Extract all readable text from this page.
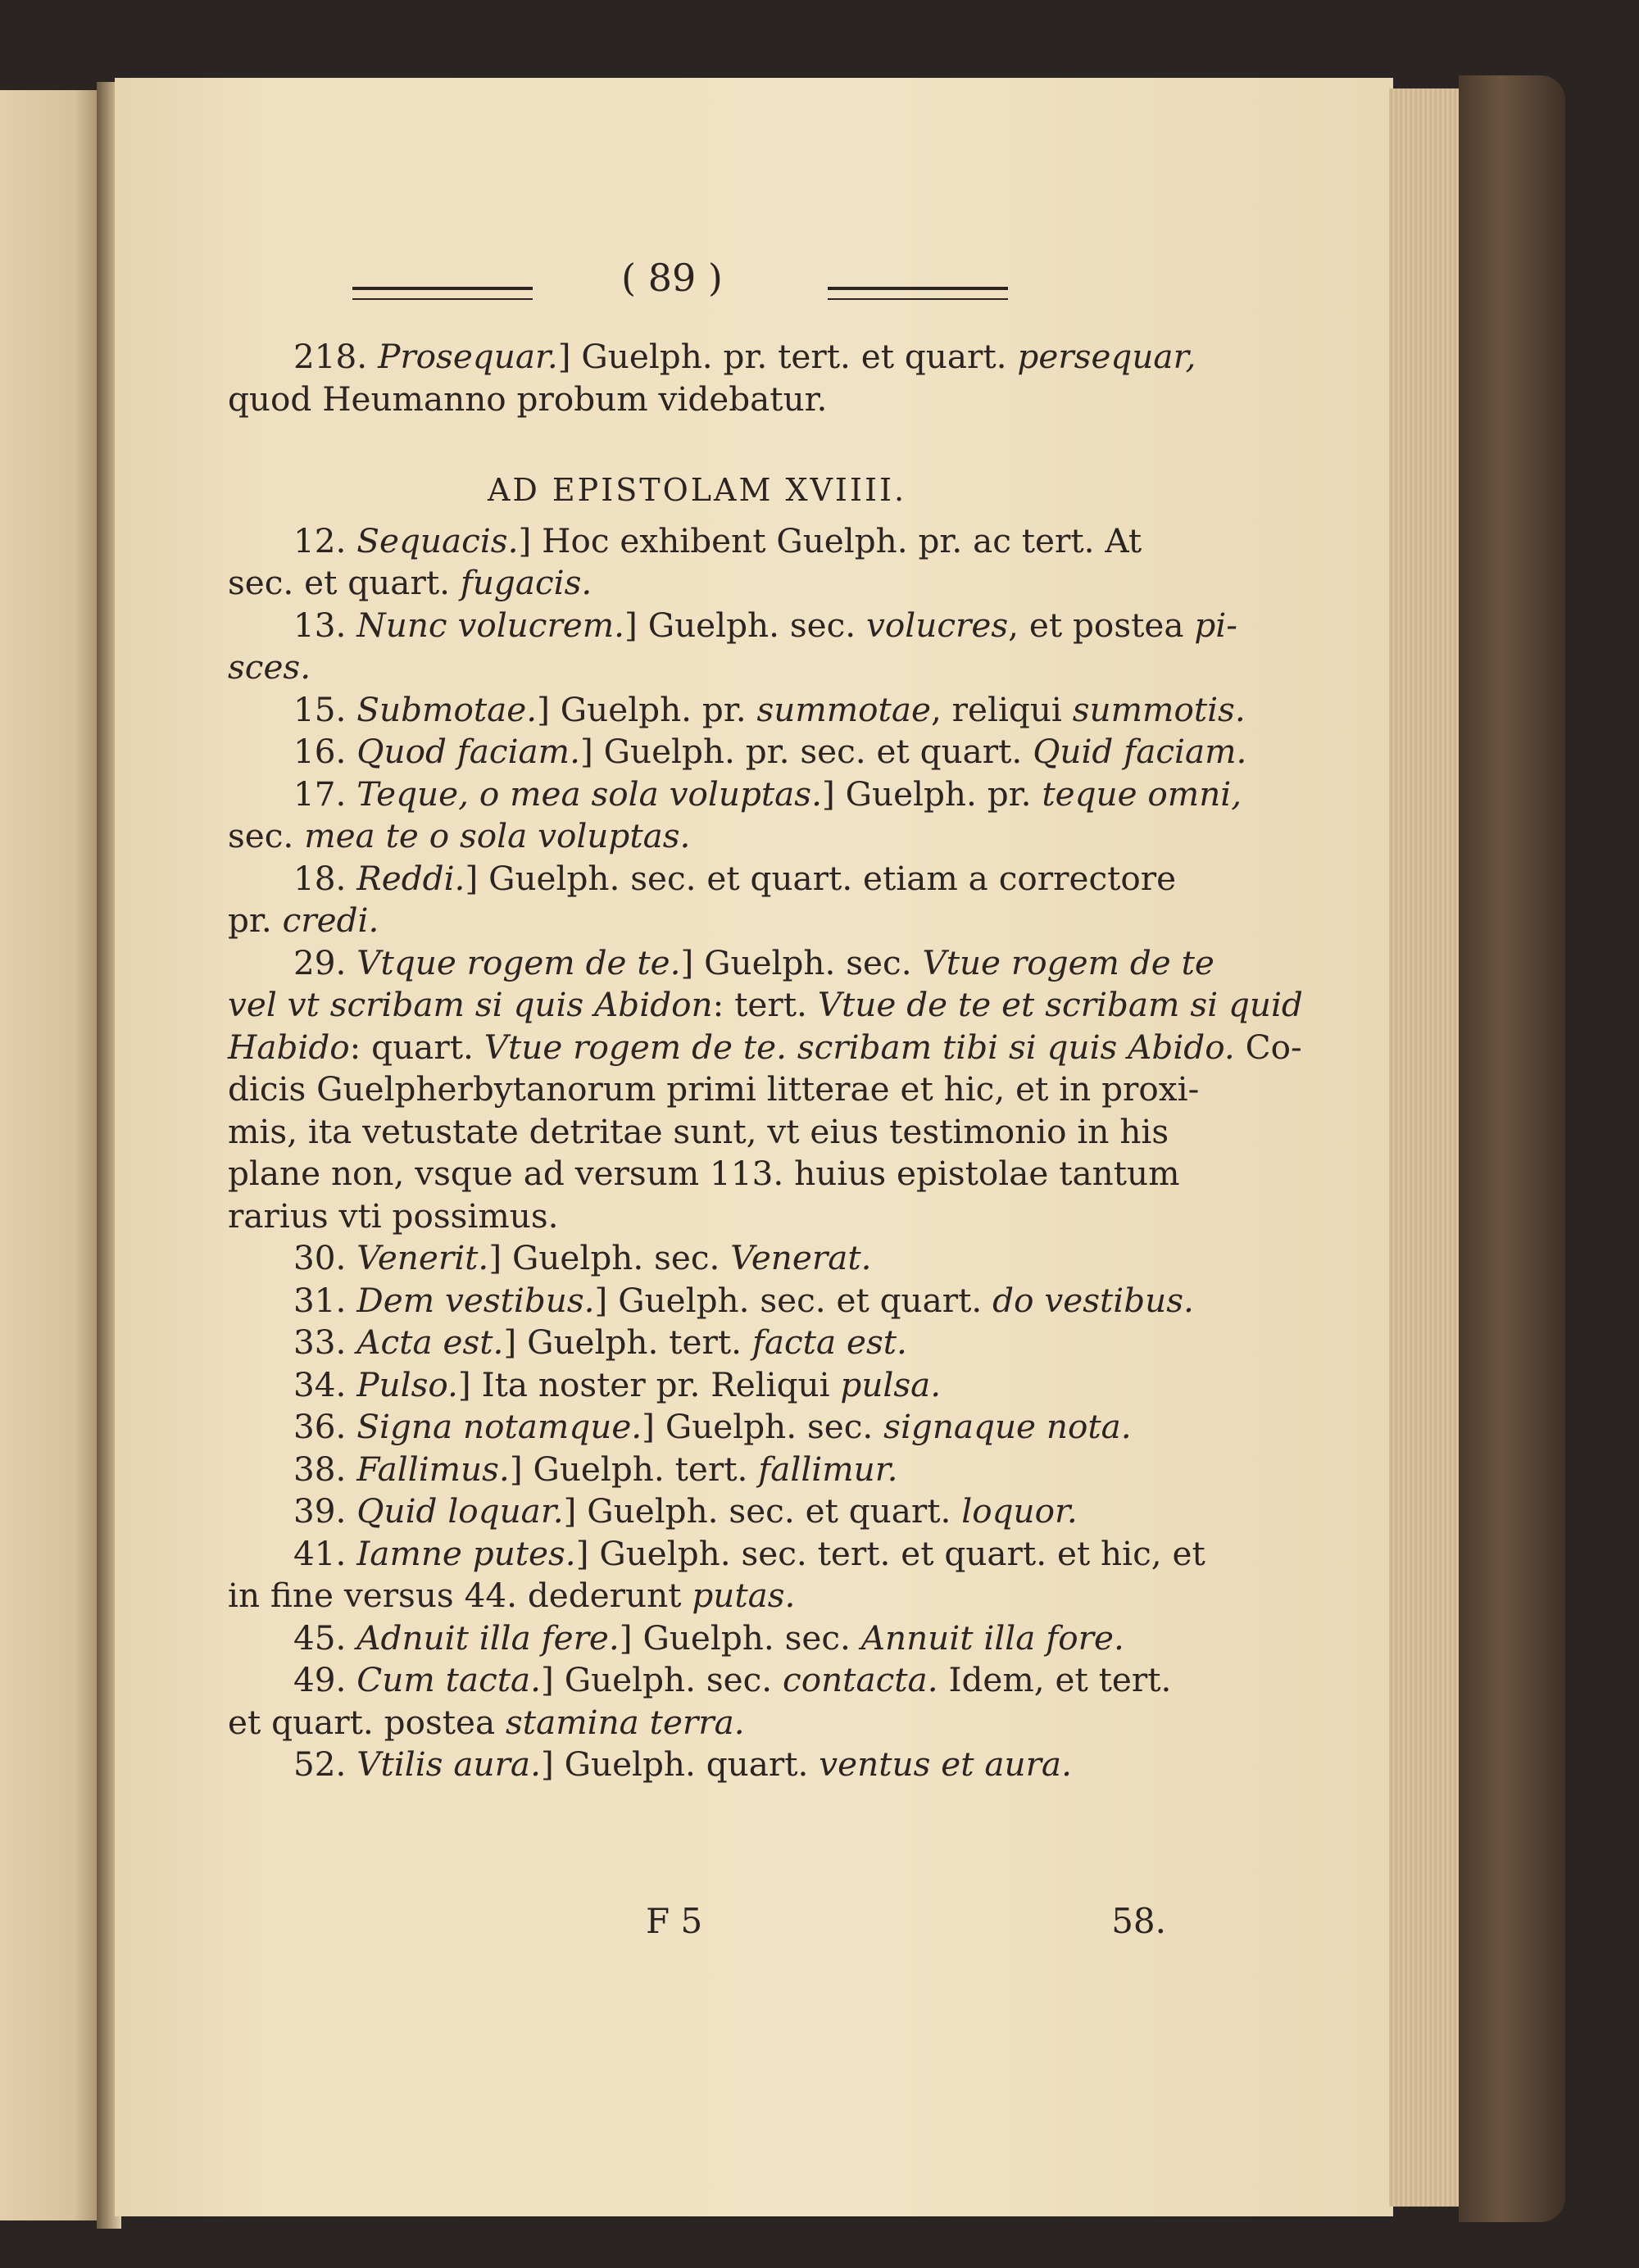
( 89 )
218. Prosequar.] Guelph. pr. tert. et quart. persequar,
quod Heumanno probum videbatur.
AD EPISTOLAM XVIIII.
12. Sequacis.] Hoc exhibent Guelph. pr. ac tert. At
sec. et quart. fugacis.
13. Nunc volucrem.] Guelph. sec. volucres, et postea pi-
sces.
15. Submotae.] Guelph. pr. summotae, reliqui summotis.
16. Quod faciam.] Guelph. pr. sec. et quart. Quid faciam.
17. Teque, o mea sola voluptas.] Guelph. pr. teque omni,
sec. mea te o sola voluptas.
18. Reddi.] Guelph. sec. et quart. etiam a correctore
pr. credi.
29. Vtque rogem de te.] Guelph. sec. Vtue rogem de te
vel vt scribam si quis Abidon: tert. Vtue de te et scribam si quid
Habido: quart. Vtue rogem de te. scribam tibi si quis Abido. Co-
dicis Guelpherbytanorum primi litterae et hic, et in proxi-
mis, ita vetustate detritae sunt, vt eius testimonio in his
plane non, vsque ad versum 113. huius epistolae tantum
rarius vti possimus.
30. Venerit.] Guelph. sec. Venerat.
31. Dem vestibus.] Guelph. sec. et quart. do vestibus.
33. Acta est.] Guelph. tert. facta est.
34. Pulso.] Ita noster pr. Reliqui pulsa.
36. Signa notamque.] Guelph. sec. signaque nota.
38. Fallimus.] Guelph. tert. fallimur.
39. Quid loquar.] Guelph. sec. et quart. loquor.
41. Iamne putes.] Guelph. sec. tert. et quart. et hic, et
in fine versus 44. dederunt putas.
45. Adnuit illa fere.] Guelph. sec. Annuit illa fore.
49. Cum tacta.] Guelph. sec. contacta. Idem, et tert.
et quart. postea stamina terra.
52. Vtilis aura.] Guelph. quart. ventus et aura.
F 5	58.
